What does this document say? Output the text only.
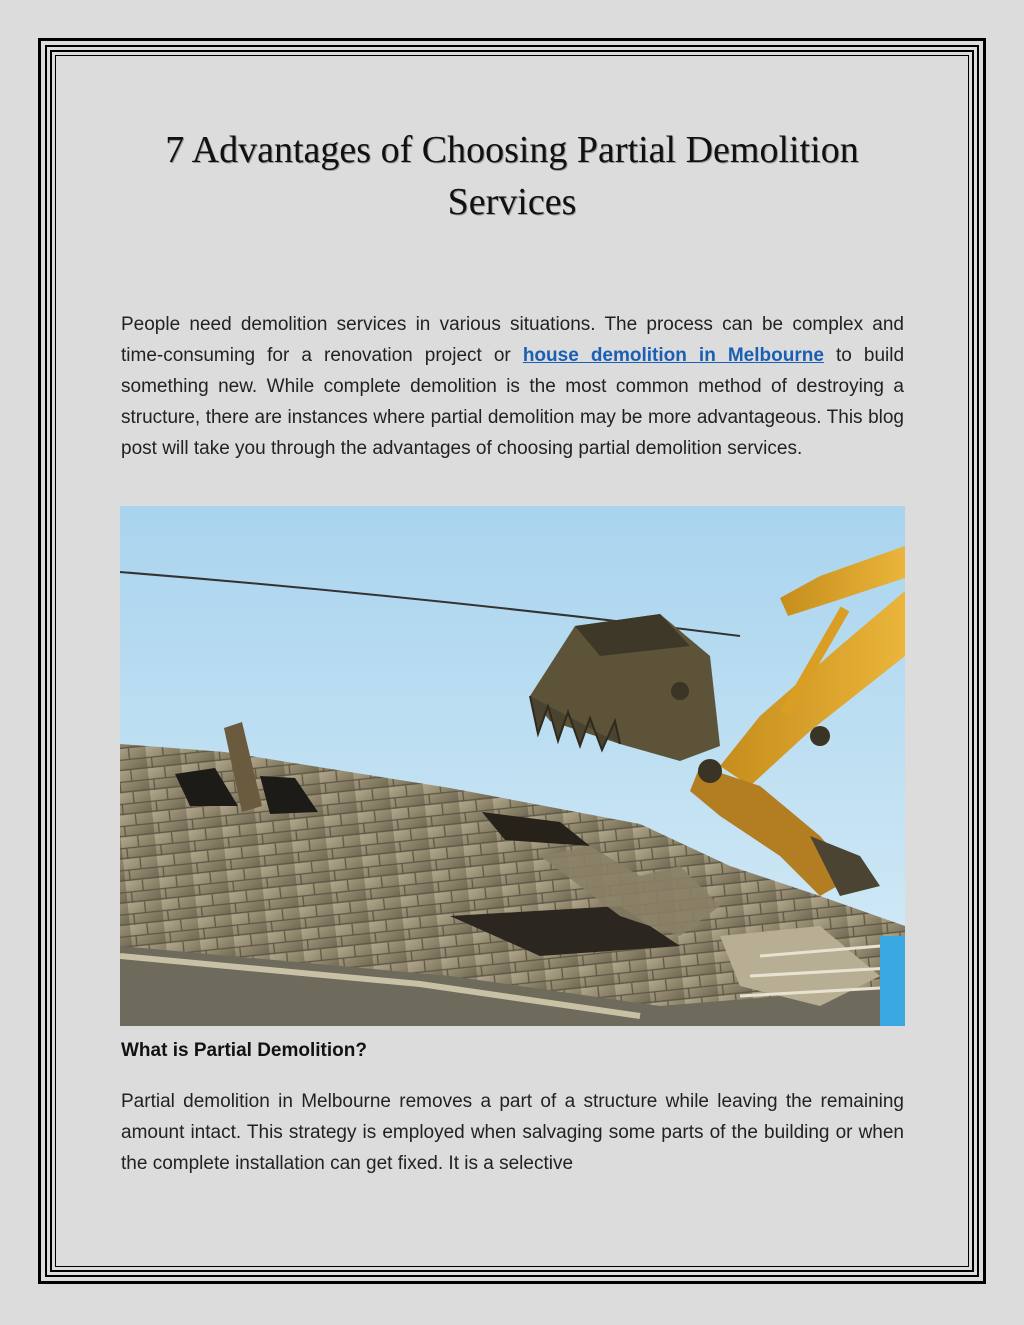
7 Advantages of Choosing Partial Demolition
Services

People need demolition services in various situations. The process can be complex and time-consuming for a renovation project or house demolition in Melbourne to build something new. While complete demolition is the most common method of destroying a structure, there are instances where partial demolition may be more advantageous. This blog post will take you through the advantages of choosing partial demolition services.

What is Partial Demolition?

Partial demolition in Melbourne removes a part of a structure while leaving the remaining amount intact. This strategy is employed when salvaging some parts of the building or when the complete installation can get fixed. It is a selective
